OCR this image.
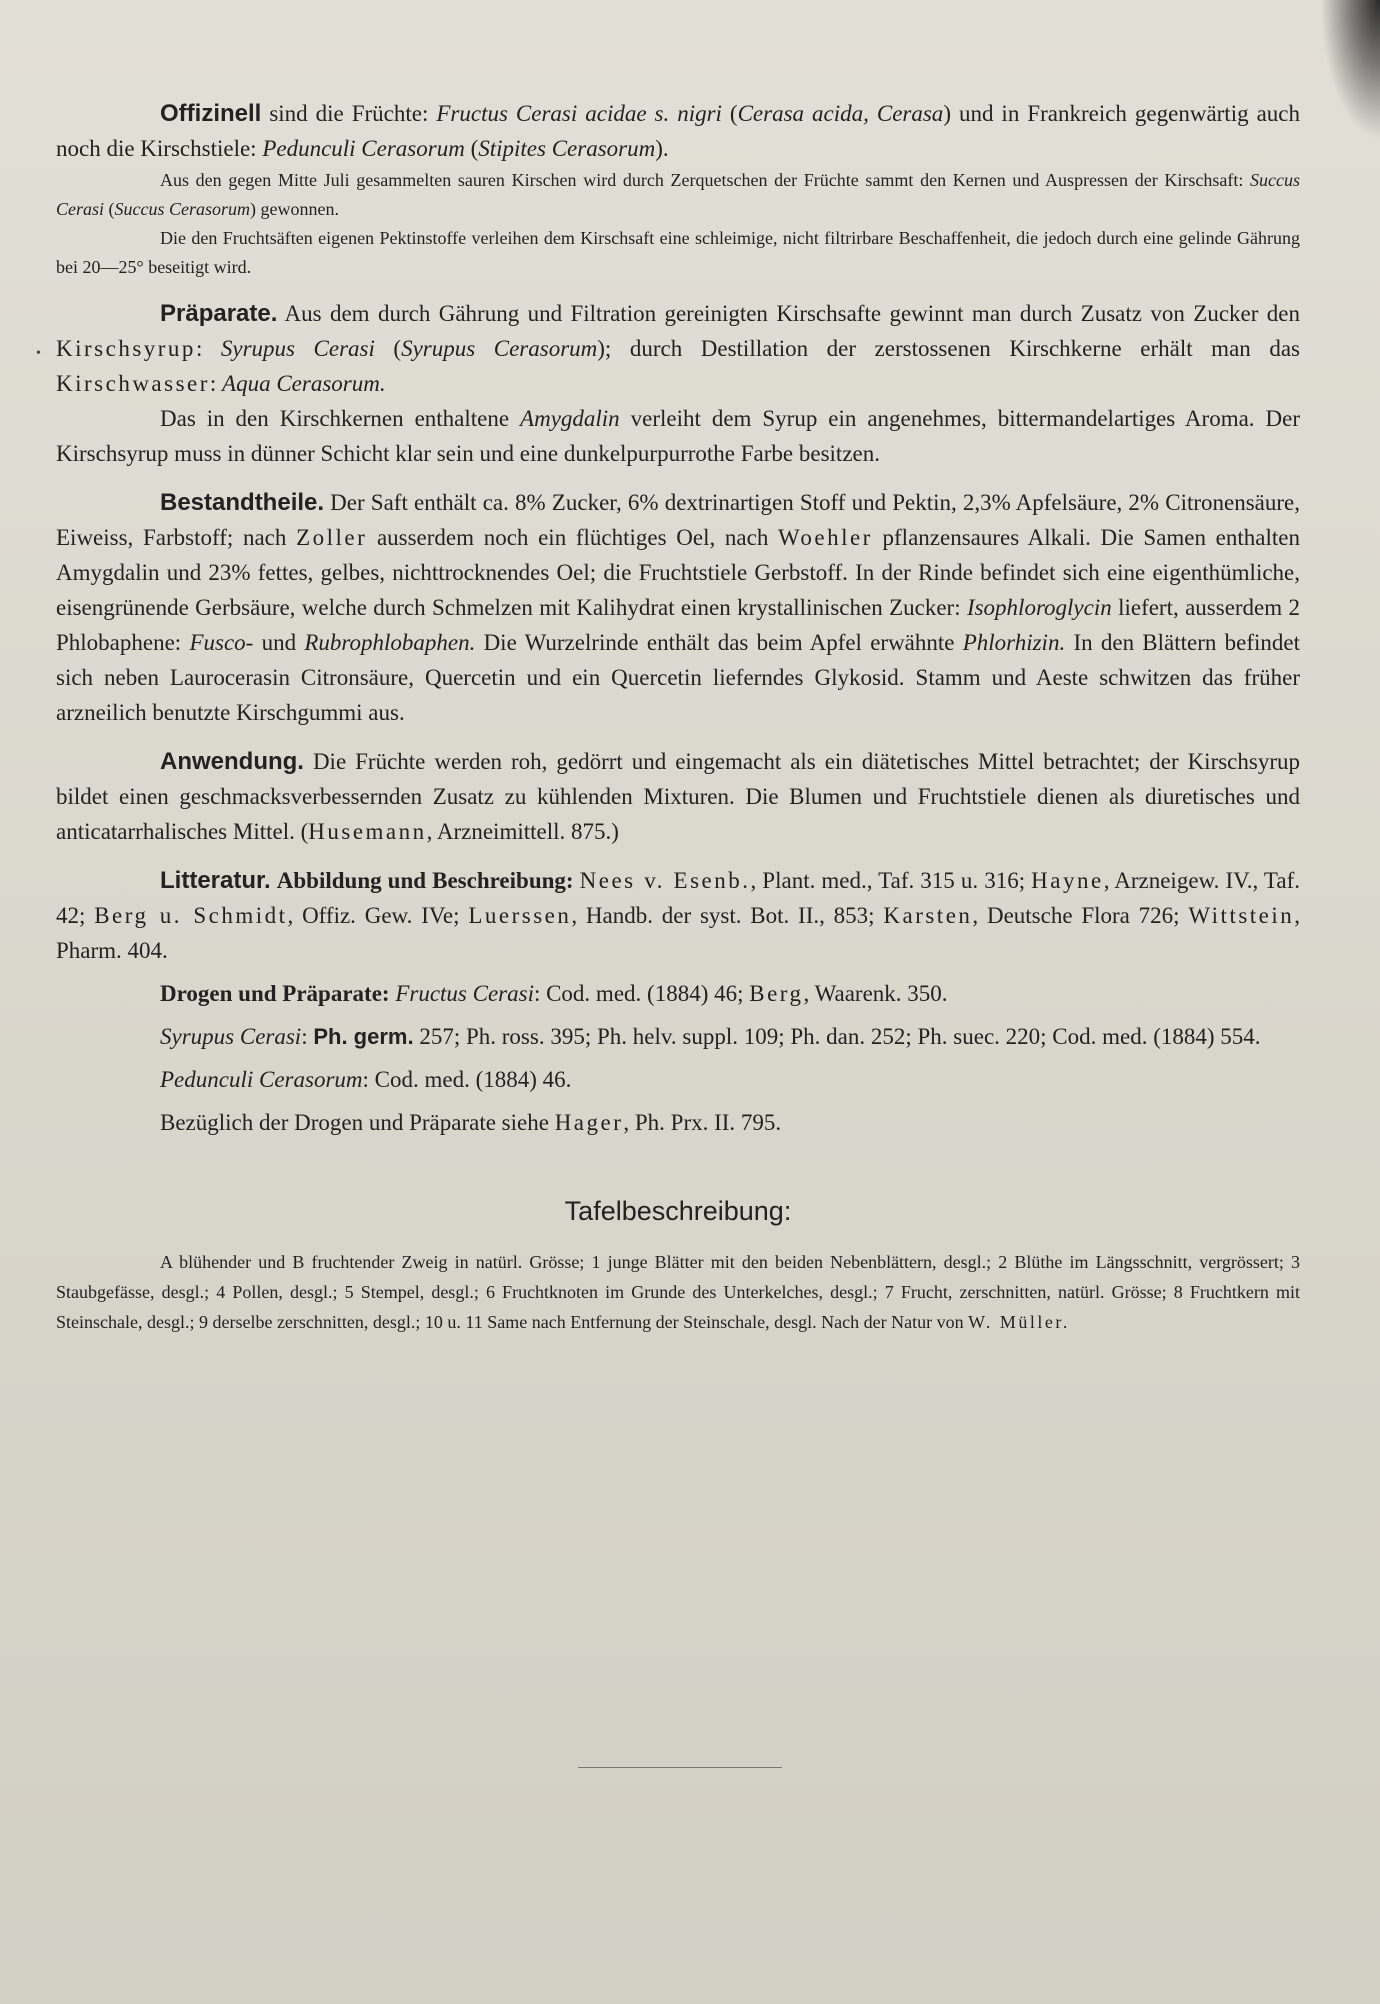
•

Offizinell sind die Früchte: Fructus Cerasi acidae s. nigri (Cerasa acida, Cerasa) und in Frankreich gegenwärtig auch noch die Kirschstiele: Pedunculi Cerasorum (Stipites Cerasorum).

Aus den gegen Mitte Juli gesammelten sauren Kirschen wird durch Zerquetschen der Früchte sammt den Kernen und Auspressen der Kirschsaft: Succus Cerasi (Succus Cerasorum) gewonnen.

Die den Fruchtsäften eigenen Pektinstoffe verleihen dem Kirschsaft eine schleimige, nicht filtrirbare Beschaffenheit, die jedoch durch eine gelinde Gährung bei 20—25° beseitigt wird.

Präparate. Aus dem durch Gährung und Filtration gereinigten Kirschsafte gewinnt man durch Zusatz von Zucker den Kirschsyrup: Syrupus Cerasi (Syrupus Cerasorum); durch Destillation der zerstossenen Kirschkerne erhält man das Kirschwasser: Aqua Cerasorum.

Das in den Kirschkernen enthaltene Amygdalin verleiht dem Syrup ein angenehmes, bittermandelartiges Aroma. Der Kirschsyrup muss in dünner Schicht klar sein und eine dunkelpurpurrothe Farbe besitzen.

Bestandtheile. Der Saft enthält ca. 8% Zucker, 6% dextrinartigen Stoff und Pektin, 2,3% Apfelsäure, 2% Citronensäure, Eiweiss, Farbstoff; nach Zoller ausserdem noch ein flüchtiges Oel, nach Woehler pflanzensaures Alkali. Die Samen enthalten Amygdalin und 23% fettes, gelbes, nichttrocknendes Oel; die Fruchtstiele Gerbstoff. In der Rinde befindet sich eine eigenthümliche, eisengrünende Gerbsäure, welche durch Schmelzen mit Kalihydrat einen krystallinischen Zucker: Isophloroglycin liefert, ausserdem 2 Phlobaphene: Fusco- und Rubrophlobaphen. Die Wurzelrinde enthält das beim Apfel erwähnte Phlorhizin. In den Blättern befindet sich neben Laurocerasin Citronsäure, Quercetin und ein Quercetin lieferndes Glykosid. Stamm und Aeste schwitzen das früher arzneilich benutzte Kirschgummi aus.

Anwendung. Die Früchte werden roh, gedörrt und eingemacht als ein diätetisches Mittel betrachtet; der Kirschsyrup bildet einen geschmacksverbessernden Zusatz zu kühlenden Mixturen. Die Blumen und Fruchtstiele dienen als diuretisches und anticatarrhalisches Mittel. (Husemann, Arzneimittell. 875.)

Litteratur. Abbildung und Beschreibung: Nees v. Esenb., Plant. med., Taf. 315 u. 316; Hayne, Arzneigew. IV., Taf. 42; Berg u. Schmidt, Offiz. Gew. IVe; Luerssen, Handb. der syst. Bot. II., 853; Karsten, Deutsche Flora 726; Wittstein, Pharm. 404.

Drogen und Präparate: Fructus Cerasi: Cod. med. (1884) 46; Berg, Waarenk. 350.

Syrupus Cerasi: Ph. germ. 257; Ph. ross. 395; Ph. helv. suppl. 109; Ph. dan. 252; Ph. suec. 220; Cod. med. (1884) 554.

Pedunculi Cerasorum: Cod. med. (1884) 46.

Bezüglich der Drogen und Präparate siehe Hager, Ph. Prx. II. 795.

Tafelbeschreibung:

A blühender und B fruchtender Zweig in natürl. Grösse; 1 junge Blätter mit den beiden Nebenblättern, desgl.; 2 Blüthe im Längsschnitt, vergrössert; 3 Staubgefässe, desgl.; 4 Pollen, desgl.; 5 Stempel, desgl.; 6 Fruchtknoten im Grunde des Unterkelches, desgl.; 7 Frucht, zerschnitten, natürl. Grösse; 8 Fruchtkern mit Steinschale, desgl.; 9 derselbe zerschnitten, desgl.; 10 u. 11 Same nach Entfernung der Steinschale, desgl. Nach der Natur von W. Müller.
